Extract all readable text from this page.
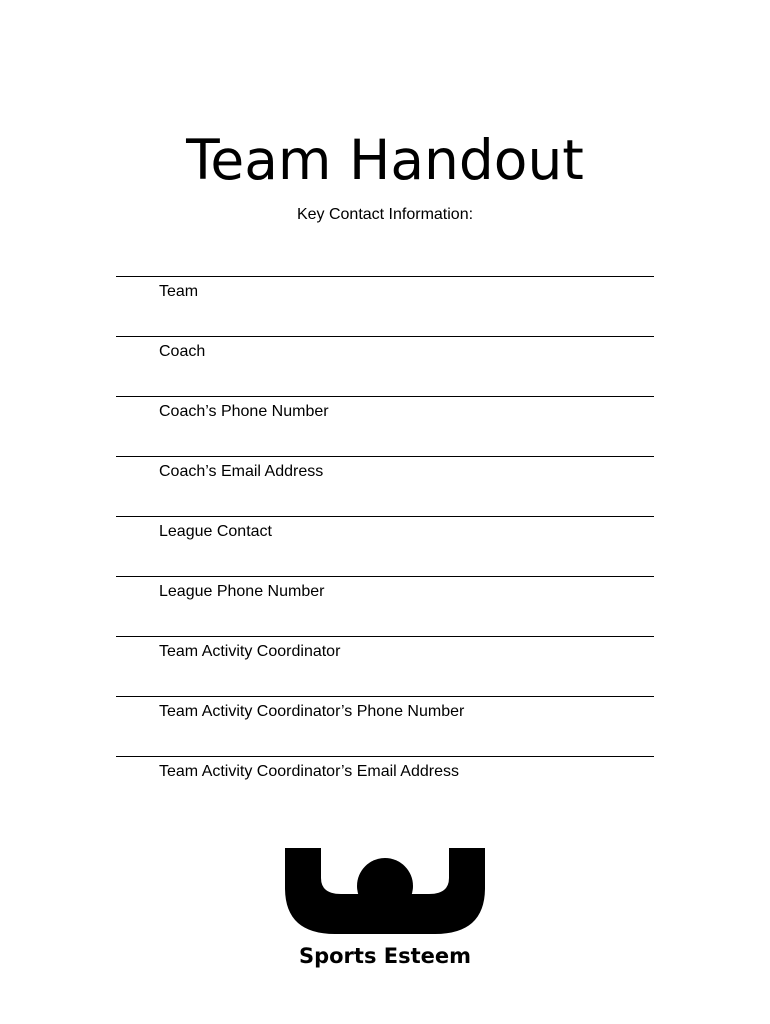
Team Handout
Key Contact Information:
Team
Coach
Coach’s Phone Number
Coach’s Email Address
League Contact
League Phone Number
Team Activity Coordinator
Team Activity Coordinator’s Phone Number
Team Activity Coordinator’s Email Address
Sports Esteem
